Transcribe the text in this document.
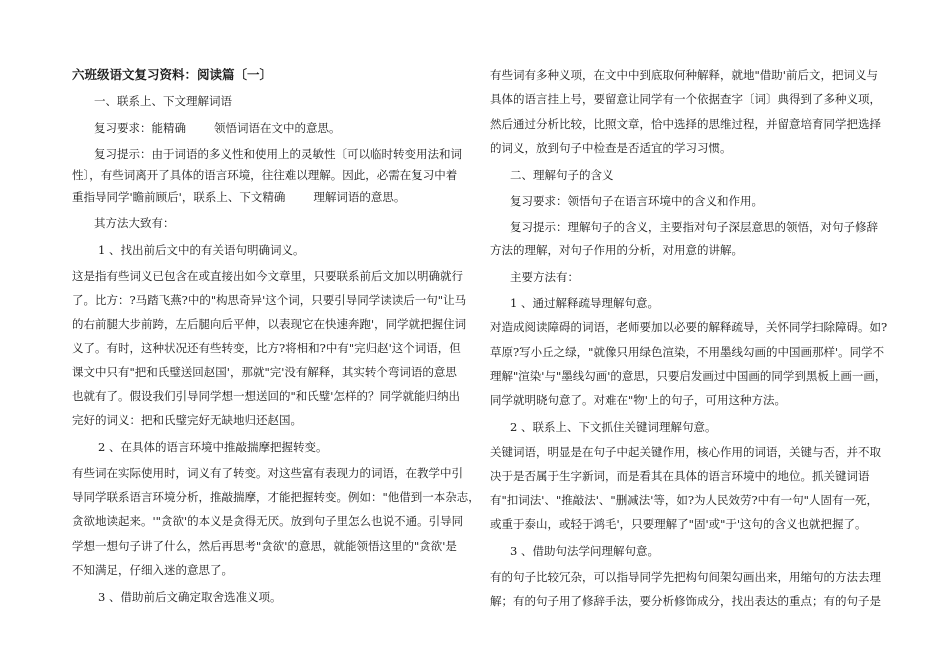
六班级语文复习资料：阅读篇〔一〕
一、联系上、下文理解词语
复习要求：能精确 领悟词语在文中的意思。
复习提示：由于词语的多义性和使用上的灵敏性〔可以临时转变用法和词
性〕，有些词离开了具体的语言环境，往往难以理解。因此，必需在复习中着
重指导同学'瞻前顾后'，联系上、下文精确 理解词语的意思。
其方法大致有：
1 、找出前后文中的有关语句明确词义。
这是指有些词义已包含在或直接出如今文章里，只要联系前后文加以明确就行
了。比方：?马踏飞燕?中的"构思奇异'这个词，只要引导同学读读后一句"让马
的右前腿大步前跨，左后腿向后平伸，以表现它在快速奔跑'，同学就把握住词
义了。有时，这种状况还有些转变，比方?将相和?中有"完归赵'这个词语，但
课文中只有"把和氏璧送回赵国'，那就"完'没有解释，其实转个弯词语的意思
也就有了。假设我们引导同学想一想送回的"和氏璧'怎样的？同学就能归纳出
完好的词义：把和氏璧完好无缺地归还赵国。
2 、在具体的语言环境中推敲揣摩把握转变。
有些词在实际使用时，词义有了转变。对这些富有表现力的词语，在教学中引
导同学联系语言环境分析，推敲揣摩，才能把握转变。例如："他借到一本杂志，
贪欲地读起来。'"贪欲'的本义是贪得无厌。放到句子里怎么也说不通。引导同
学想一想句子讲了什么，然后再思考"贪欲'的意思，就能领悟这里的"贪欲'是
不知满足，仔细入迷的意思了。
3 、借助前后文确定取舍选准义项。
有些词有多种义项，在文中中到底取何种解释，就地"借助'前后文，把词义与
具体的语言挂上号，要留意让同学有一个依据查字〔词〕典得到了多种义项，
然后通过分析比较，比照文章，恰中选择的思维过程，并留意培育同学把选择
的词义，放到句子中检查是否适宜的学习习惯。
二、理解句子的含义
复习要求：领悟句子在语言环境中的含义和作用。
复习提示：理解句子的含义，主要指对句子深层意思的领悟，对句子修辞
方法的理解，对句子作用的分析，对用意的讲解。
主要方法有：
1 、通过解释疏导理解句意。
对造成阅读障碍的词语，老师要加以必要的解释疏导，关怀同学扫除障碍。如?
草原?写小丘之绿，"就像只用绿色渲染，不用墨线勾画的中国画那样'。同学不
理解"渲染'与"墨线勾画'的意思，只要启发画过中国画的同学到黑板上画一画，
同学就明晓句意了。对难在"物'上的句子，可用这种方法。
2 、联系上、下文抓住关键词理解句意。
关键词语，明显是在句子中起关键作用，核心作用的词语，关键与否，并不取
决于是否属于生字新词，而是看其在具体的语言环境中的地位。抓关键词语
有"扣词法'、"推敲法'、"删减法'等，如?为人民效劳?中有一句"人固有一死，
或重于泰山，或轻于鸿毛'，只要理解了"固'或"于'这句的含义也就把握了。
3 、借助句法学问理解句意。
有的句子比较冗杂，可以指导同学先把构句间架勾画出来，用缩句的方法去理
解；有的句子用了修辞手法，要分析修饰成分，找出表达的重点；有的句子是
